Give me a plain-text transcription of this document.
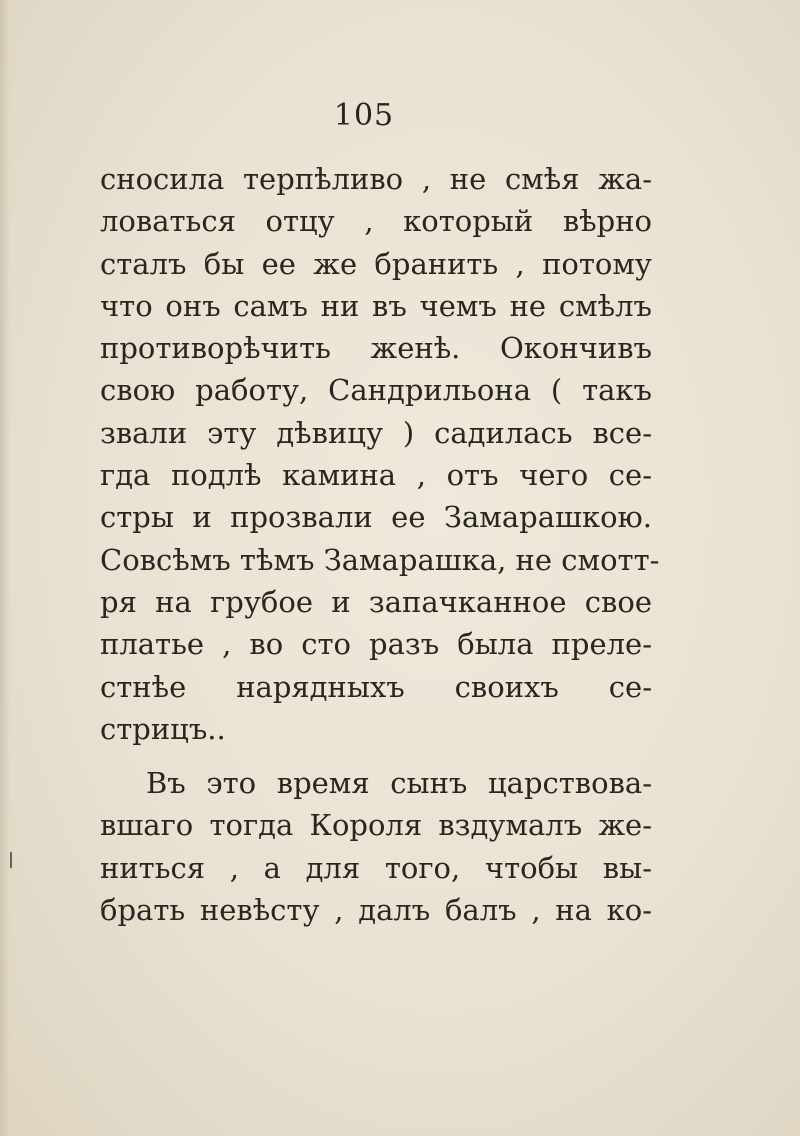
105
сносила терпѣливо , не смѣя жа-
ловаться отцу , который вѣрно
сталъ бы ее же бранить , потому
что онъ самъ ни въ чемъ не смѣлъ
противорѣчить женѣ. Окончивъ
свою работу, Сандрильона ( такъ
звали эту дѣвицу ) садилась все-
гда подлѣ камина , отъ чего се-
стры и прозвали ее Замарашкою.
Совсѣмъ тѣмъ Замарашка, не смотт-
ря на грубое и запачканное свое
платье , во сто разъ была преле-
стнѣе нарядныхъ своихъ се-
стрицъ..
Въ это время сынъ царствова-
вшаго тогда Короля вздумалъ же-
ниться , а для того, чтобы вы-
брать невѣсту , далъ балъ , на ко-
